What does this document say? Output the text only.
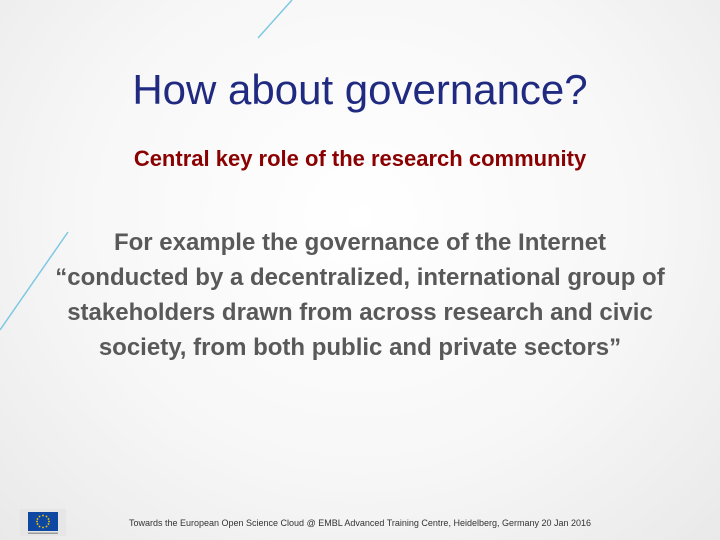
How about governance?

Central key role of the research community

For example the governance of the Internet “conducted by a decentralized, international group of stakeholders drawn from across research and civic society, from both public and private sectors”

Towards the European Open Science Cloud @ EMBL Advanced Training Centre, Heidelberg, Germany 20 Jan 2016
